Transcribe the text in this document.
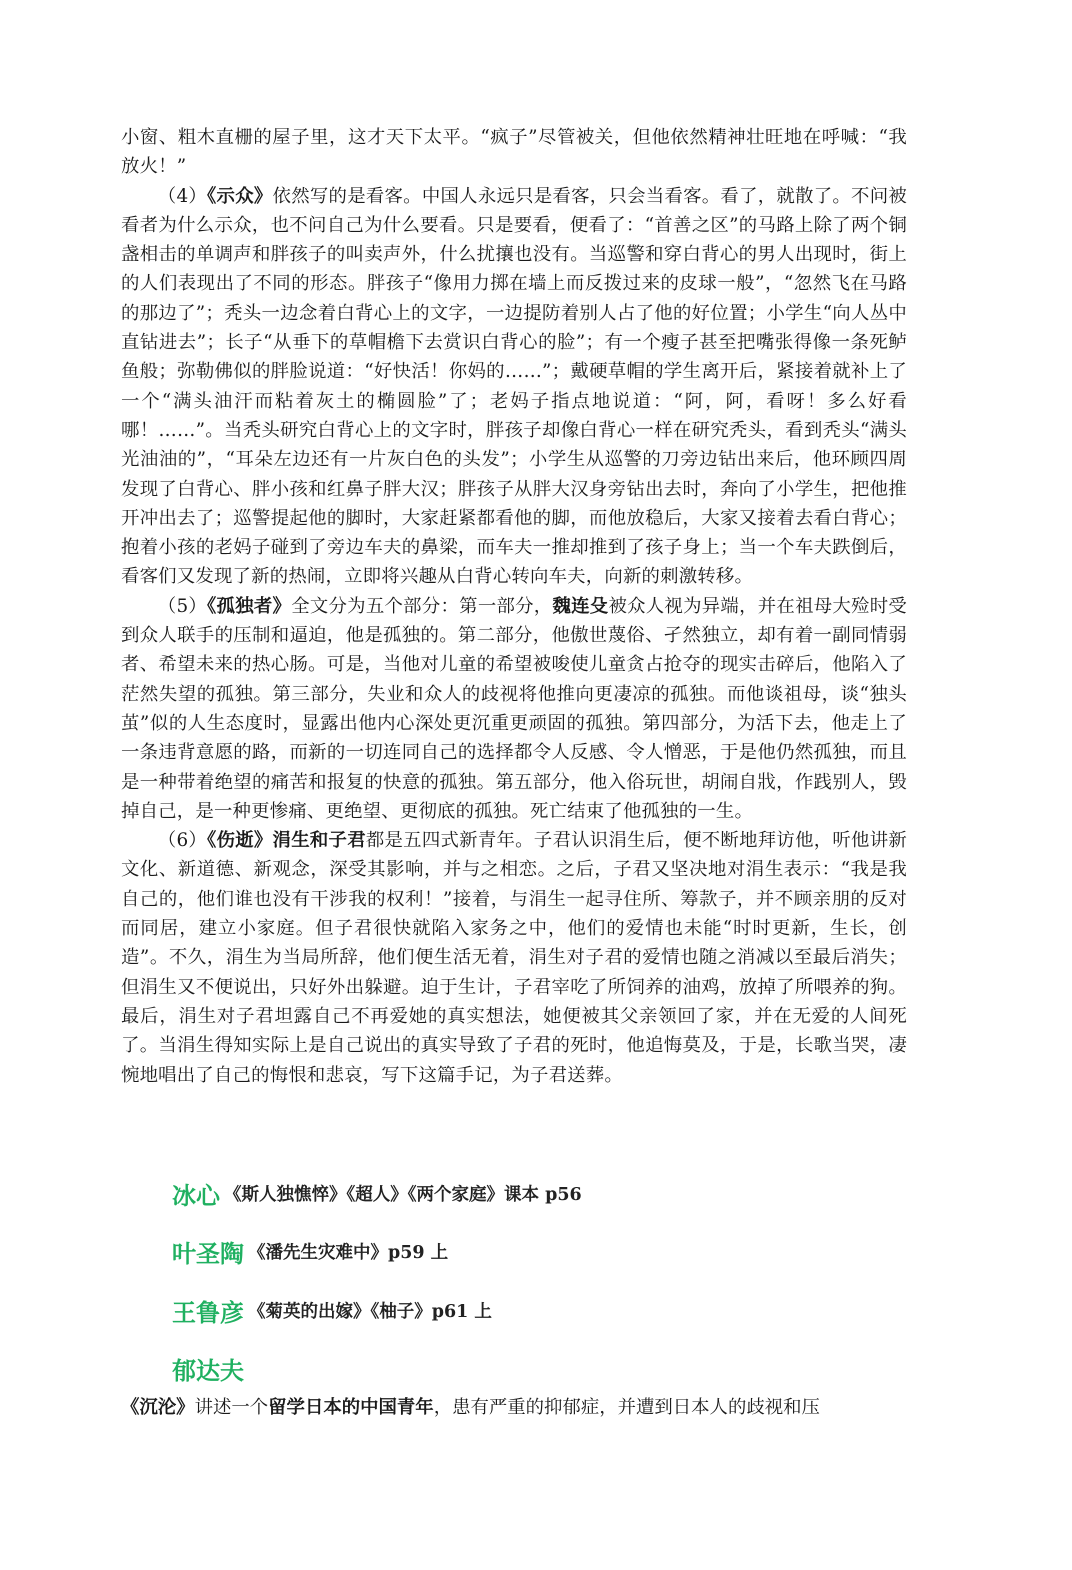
小窗、粗木直栅的屋子里，这才天下太平。“疯子”尽管被关，但他依然精神壮旺地在呼喊：“我放火！”

（4）《示众》依然写的是看客。中国人永远只是看客，只会当看客。看了，就散了。不问被看者为什么示众，也不问自己为什么要看。只是要看，便看了：“首善之区”的马路上除了两个铜盏相击的单调声和胖孩子的叫卖声外，什么扰攘也没有。当巡警和穿白背心的男人出现时，街上的人们表现出了不同的形态。胖孩子“像用力掷在墙上而反拨过来的皮球一般”，“忽然飞在马路的那边了”；秃头一边念着白背心上的文字，一边提防着别人占了他的好位置；小学生“向人丛中直钻进去”；长子“从垂下的草帽檐下去赏识白背心的脸”；有一个瘦子甚至把嘴张得像一条死鲈鱼般；弥勒佛似的胖脸说道：“好快活！你妈的……”；戴硬草帽的学生离开后，紧接着就补上了一个“满头油汗而粘着灰土的椭圆脸”了；老妈子指点地说道：“阿，阿，看呀！多么好看哪！……”。当秃头研究白背心上的文字时，胖孩子却像白背心一样在研究秃头，看到秃头“满头光油油的”，“耳朵左边还有一片灰白色的头发”；小学生从巡警的刀旁边钻出来后，他环顾四周发现了白背心、胖小孩和红鼻子胖大汉；胖孩子从胖大汉身旁钻出去时，奔向了小学生，把他推开冲出去了；巡警提起他的脚时，大家赶紧都看他的脚，而他放稳后，大家又接着去看白背心；抱着小孩的老妈子碰到了旁边车夫的鼻梁，而车夫一推却推到了孩子身上；当一个车夫跌倒后，看客们又发现了新的热闹，立即将兴趣从白背心转向车夫，向新的刺激转移。

（5）《孤独者》全文分为五个部分：第一部分，魏连殳被众人视为异端，并在祖母大殓时受到众人联手的压制和逼迫，他是孤独的。第二部分，他傲世蔑俗、孑然独立，却有着一副同情弱者、希望未来的热心肠。可是，当他对儿童的希望被唆使儿童贪占抢夺的现实击碎后，他陷入了茫然失望的孤独。第三部分，失业和众人的歧视将他推向更凄凉的孤独。而他谈祖母，谈“独头茧”似的人生态度时，显露出他内心深处更沉重更顽固的孤独。第四部分，为活下去，他走上了一条违背意愿的路，而新的一切连同自己的选择都令人反感、令人憎恶，于是他仍然孤独，而且是一种带着绝望的痛苦和报复的快意的孤独。第五部分，他入俗玩世，胡闹自戕，作践别人，毁掉自己，是一种更惨痛、更绝望、更彻底的孤独。死亡结束了他孤独的一生。

（6）《伤逝》涓生和子君都是五四式新青年。子君认识涓生后，便不断地拜访他，听他讲新文化、新道德、新观念，深受其影响，并与之相恋。之后，子君又坚决地对涓生表示：“我是我自己的，他们谁也没有干涉我的权利！”接着，与涓生一起寻住所、筹款子，并不顾亲朋的反对而同居，建立小家庭。但子君很快就陷入家务之中，他们的爱情也未能“时时更新，生长，创造”。不久，涓生为当局所辞，他们便生活无着，涓生对子君的爱情也随之消减以至最后消失；但涓生又不便说出，只好外出躲避。迫于生计，子君宰吃了所饲养的油鸡，放掉了所喂养的狗。最后，涓生对子君坦露自己不再爱她的真实想法，她便被其父亲领回了家，并在无爱的人间死了。当涓生得知实际上是自己说出的真实导致了子君的死时，他追悔莫及，于是，长歌当哭，凄惋地唱出了自己的悔恨和悲哀，写下这篇手记，为子君送葬。

冰心 《斯人独憔悴》《超人》《两个家庭》课本 p56
叶圣陶 《潘先生灾难中》p59 上
王鲁彦 《菊英的出嫁》《柚子》p61 上
郁达夫
《沉沦》讲述一个留学日本的中国青年，患有严重的抑郁症，并遭到日本人的歧视和压
